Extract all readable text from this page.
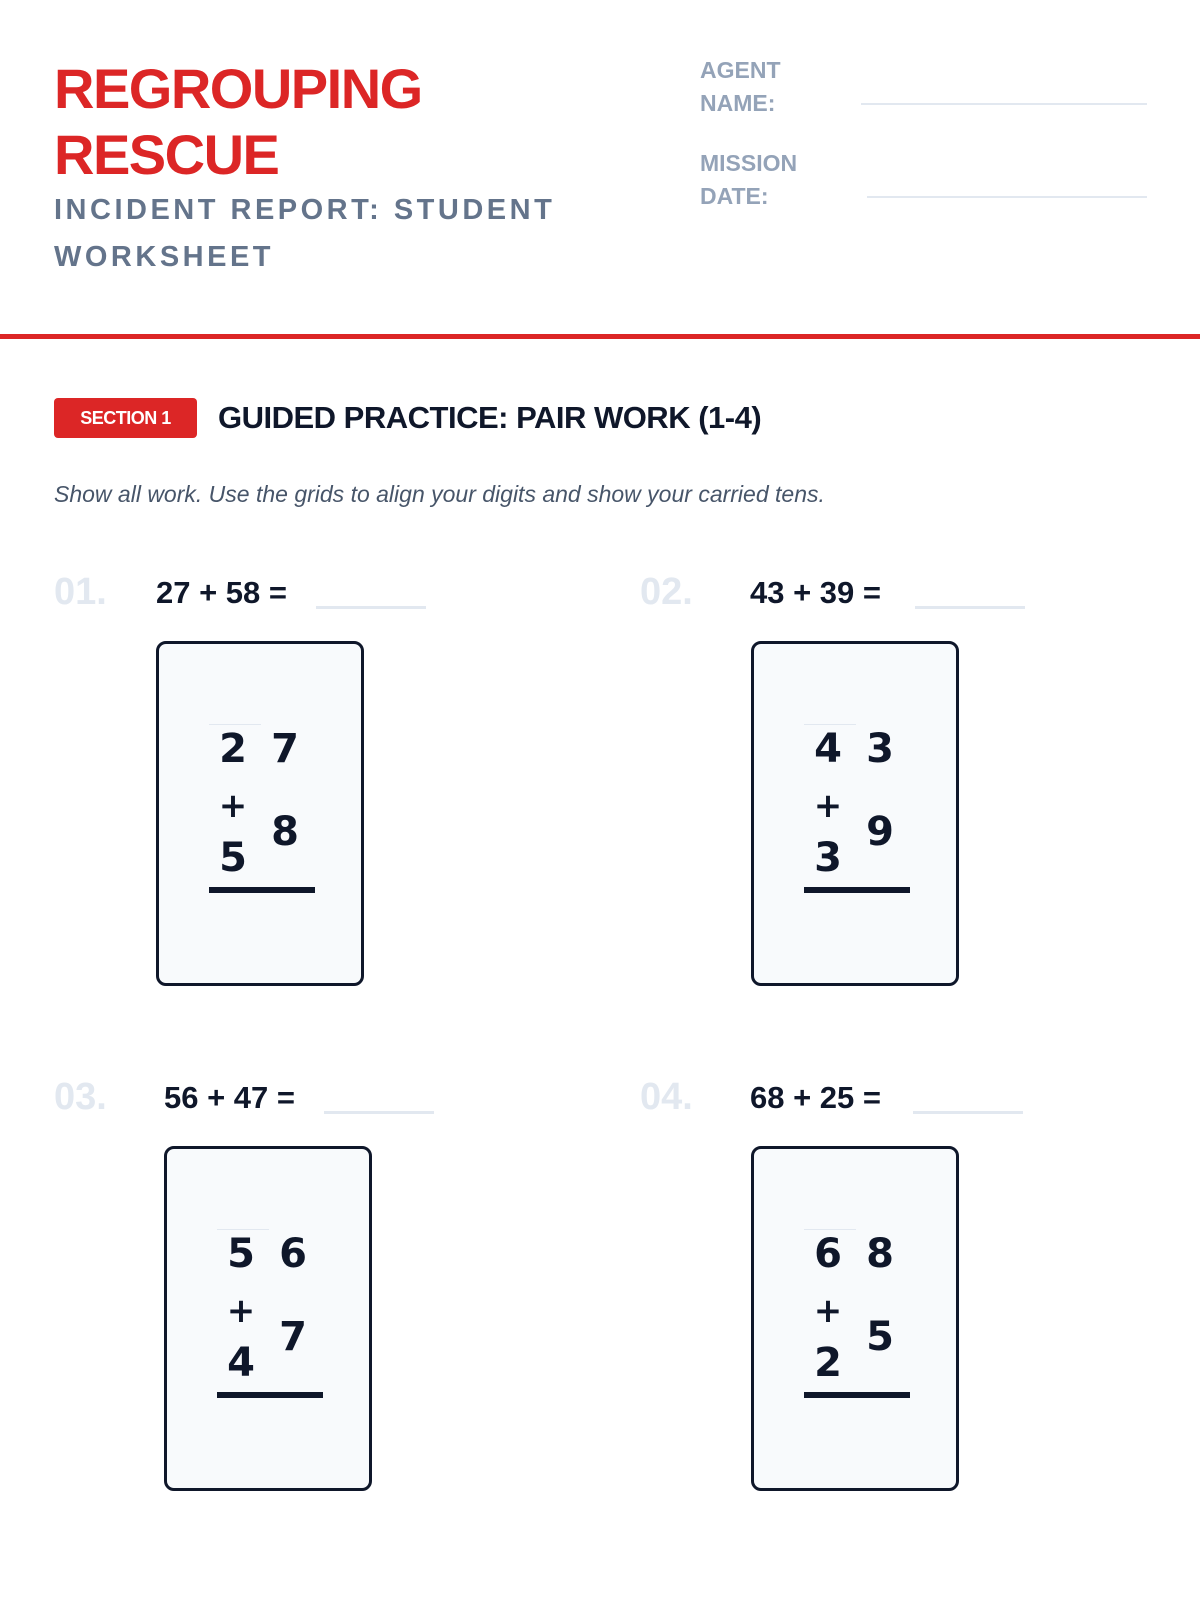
REGROUPING
RESCUE

INCIDENT REPORT: STUDENT WORKSHEET

AGENT
NAME:
MISSION
DATE:
SECTION 1	GUIDED PRACTICE: PAIR WORK (1-4)

Show all work. Use the grids to align your digits and show your carried tens.

01. 27 + 58 =
2 7
+
8
5
02. 43 + 39 =
4 3
+
9
3
03. 56 + 47 =
5 6
+
7
4
04. 68 + 25 =
6 8
+
5
2
